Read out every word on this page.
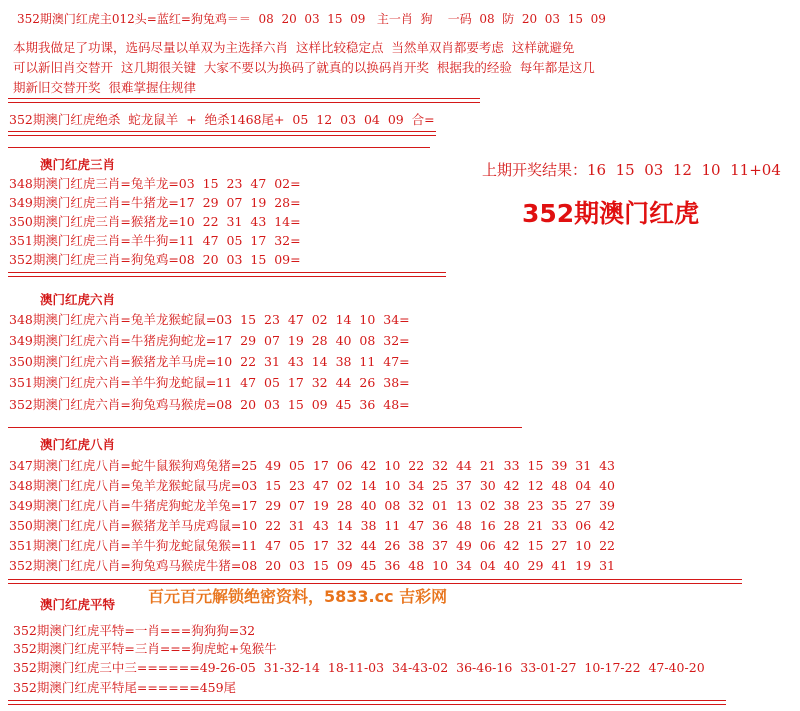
352期澳门红虎主012头=蓝红=狗兔鸡＝＝  08  20  03  15  09   主一肖  狗    一码  08  防  20  03  15  09
本期我做足了功课，选码尽量以单双为主选择六肖  这样比较稳定点  当然单双肖都要考虑  这样就避免
可以新旧肖交替开  这几期很关键  大家不要以为换码了就真的以换码肖开奖  根据我的经验  每年都是这几
期新旧交替开奖  很难掌握住规律
352期澳门红虎绝杀  蛇龙鼠羊  +  绝杀1468尾+  05  12  03  04  09  合=
上期开奖结果：16  15  03  12  10  11+04
352期澳门红虎
澳门红虎三肖
348期澳门红虎三肖=兔羊龙=03  15  23  47  02=
349期澳门红虎三肖=牛猪龙=17  29  07  19  28=
350期澳门红虎三肖=猴猪龙=10  22  31  43  14=
351期澳门红虎三肖=羊牛狗=11  47  05  17  32=
352期澳门红虎三肖=狗兔鸡=08  20  03  15  09=
澳门红虎六肖
348期澳门红虎六肖=兔羊龙猴蛇鼠=03  15  23  47  02  14  10  34=
349期澳门红虎六肖=牛猪虎狗蛇龙=17  29  07  19  28  40  08  32=
350期澳门红虎六肖=猴猪龙羊马虎=10  22  31  43  14  38  11  47=
351期澳门红虎六肖=羊牛狗龙蛇鼠=11  47  05  17  32  44  26  38=
352期澳门红虎六肖=狗兔鸡马猴虎=08  20  03  15  09  45  36  48=
澳门红虎八肖
347期澳门红虎八肖=蛇牛鼠猴狗鸡兔猪=25  49  05  17  06  42  10  22  32  44  21  33  15  39  31  43
348期澳门红虎八肖=兔羊龙猴蛇鼠马虎=03  15  23  47  02  14  10  34  25  37  30  42  12  48  04  40
349期澳门红虎八肖=牛猪虎狗蛇龙羊兔=17  29  07  19  28  40  08  32  01  13  02  38  23  35  27  39
350期澳门红虎八肖=猴猪龙羊马虎鸡鼠=10  22  31  43  14  38  11  47  36  48  16  28  21  33  06  42
351期澳门红虎八肖=羊牛狗龙蛇鼠兔猴=11  47  05  17  32  44  26  38  37  49  06  42  15  27  10  22
352期澳门红虎八肖=狗兔鸡马猴虎牛猪=08  20  03  15  09  45  36  48  10  34  04  40  29  41  19  31
百元百元解锁绝密资料，5833.cc 吉彩网
澳门红虎平特
352期澳门红虎平特=一肖===狗狗狗=32
352期澳门红虎平特=三肖===狗虎蛇+兔猴牛
352期澳门红虎三中三======49-26-05  31-32-14  18-11-03  34-43-02  36-46-16  33-01-27  10-17-22  47-40-20
352期澳门红虎平特尾======459尾
